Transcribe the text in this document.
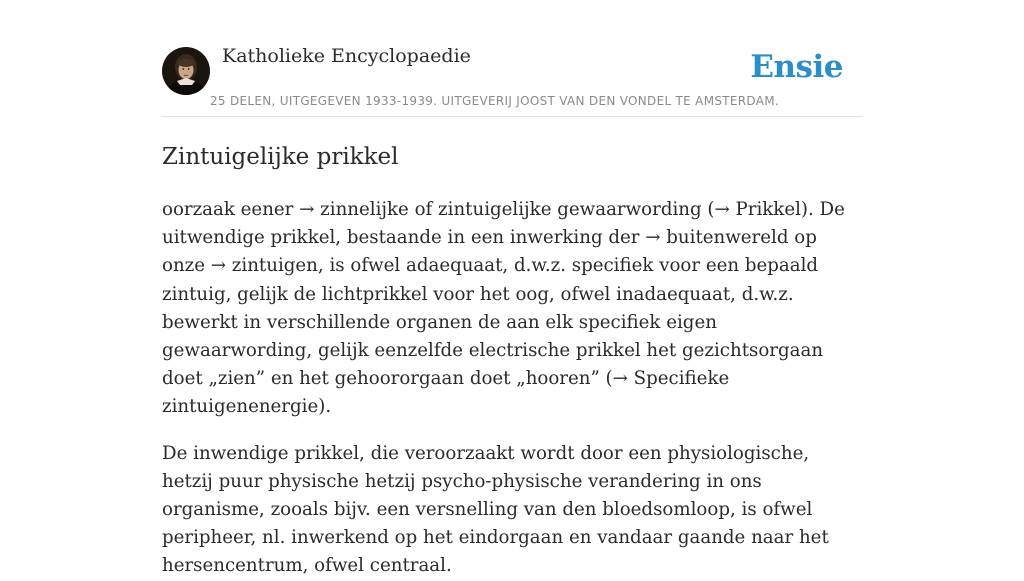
Katholieke Encyclopaedie
25 DELEN, UITGEGEVEN 1933-1939. UITGEVERIJ JOOST VAN DEN VONDEL TE AMSTERDAM.
Ensie
Zintuigelijke prikkel

oorzaak eener → zinnelijke of zintuigelijke gewaarwording (→ Prikkel). De uitwendige prikkel, bestaande in een inwerking der → buitenwereld op onze → zintuigen, is ofwel adaequaat, d.w.z. specifiek voor een bepaald zintuig, gelijk de lichtprikkel voor het oog, ofwel inadaequaat, d.w.z. bewerkt in verschillende organen de aan elk specifiek eigen gewaarwording, gelijk eenzelfde electrische prikkel het gezichtsorgaan doet „zien” en het gehoororgaan doet „hooren” (→ Specifieke zintuigenenergie).

De inwendige prikkel, die veroorzaakt wordt door een physiologische, hetzij puur physische hetzij psycho-physische verandering in ons organisme, zooals bijv. een versnelling van den bloedsomloop, is ofwel peripheer, nl. inwerkend op het eindorgaan en vandaar gaande naar het hersencentrum, ofwel centraal.
